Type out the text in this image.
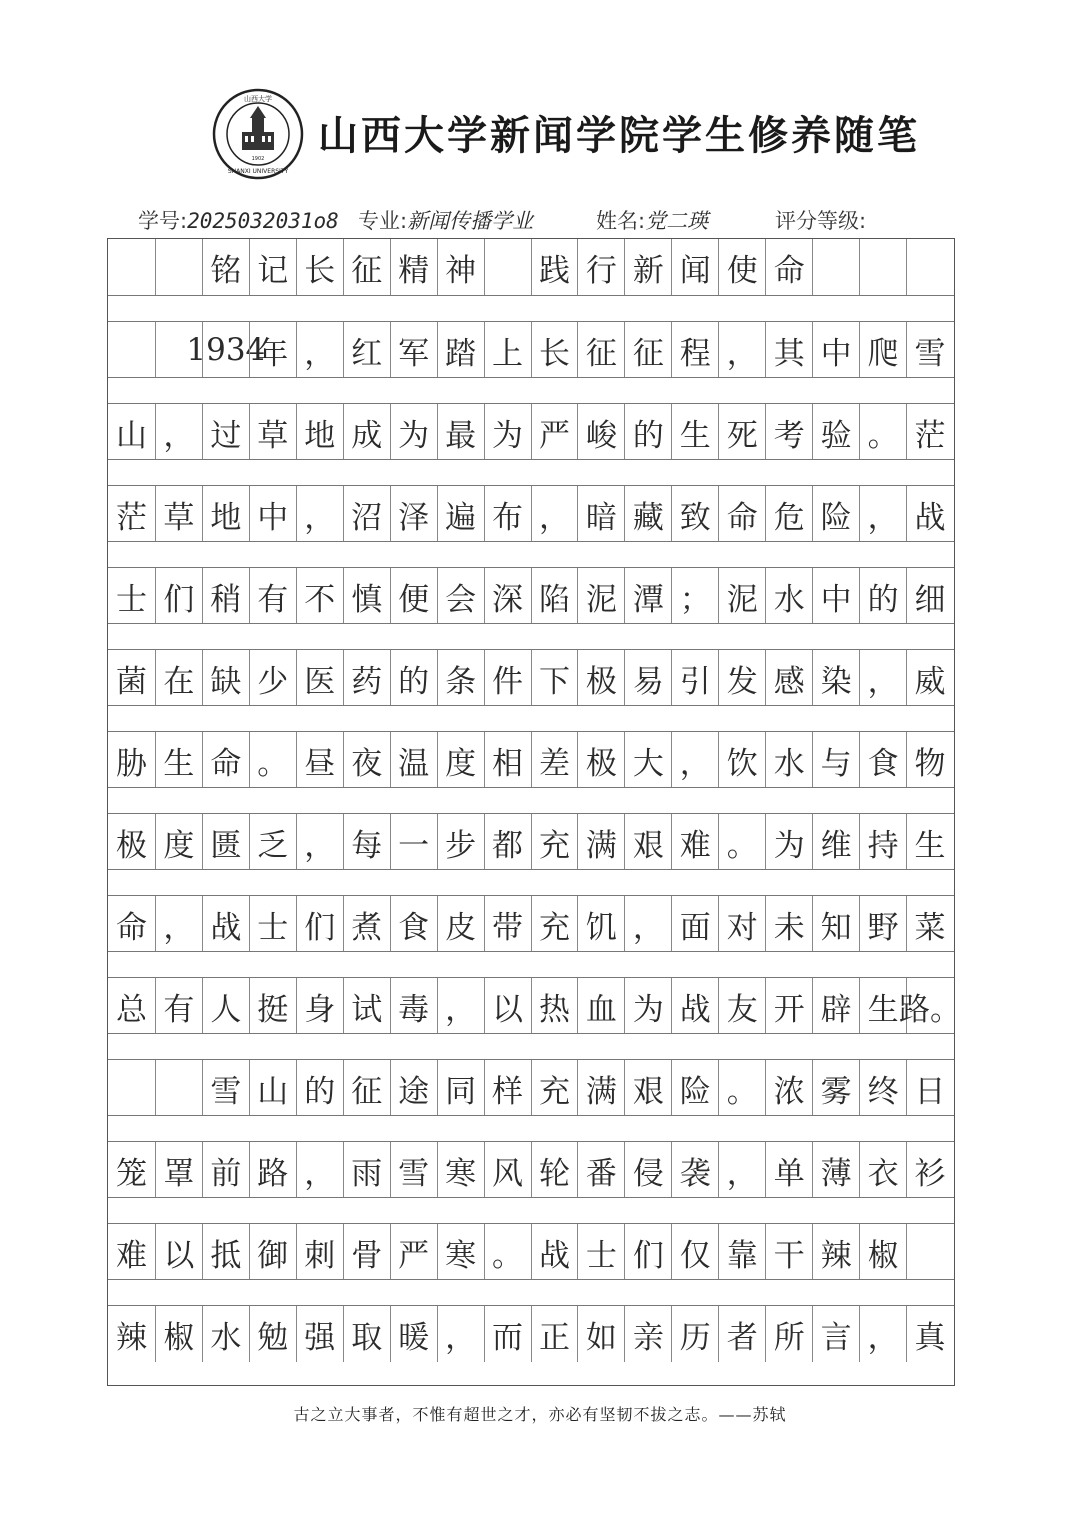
山西大学
SHANXI UNIVERSITY
1902 山西大学新闻学院学生修养随笔
学号:2025032031o8 专业:新闻传播学业	姓名:党二瑛	评分等级:
铭 记 长 征 精 神 践 行 新 闻 使 命
1934
年 ， 红 军 踏 上 长 征 征 程 ， 其 中 爬 雪
山 ， 过 草 地 成 为 最 为 严 峻 的 生 死 考 验 。 茫
茫 草 地 中 ， 沼 泽 遍 布 ， 暗 藏 致 命 危 险 ， 战
士 们 稍 有 不 慎 便 会 深 陷 泥 潭 ； 泥 水 中 的 细
菌 在 缺 少 医 药 的 条 件 下 极 易 引 发 感 染 ， 威
胁 生 命 。 昼 夜 温 度 相 差 极 大 ， 饮 水 与 食 物
极 度 匮 乏 ， 每 一 步 都 充 满 艰 难 。 为 维 持 生
命 ， 战 士 们 煮 食 皮 带 充 饥 ， 面 对 未 知 野 菜
总 有 人 挺 身 试 毒 ， 以 热 血 为 战 友 开 辟 生 路。
雪 山 的 征 途 同 样 充 满 艰 险 。 浓 雾 终 日
笼 罩 前 路 ， 雨 雪 寒 风 轮 番 侵 袭 ， 单 薄 衣 衫
难 以 抵 御 刺 骨 严 寒 。 战 士 们 仅 靠 干 辣 椒
辣 椒 水 勉 强 取 暖 ， 而 正 如 亲 历 者 所 言 ， 真
古之立大事者，不惟有超世之才，亦必有坚韧不拔之志。——苏轼
